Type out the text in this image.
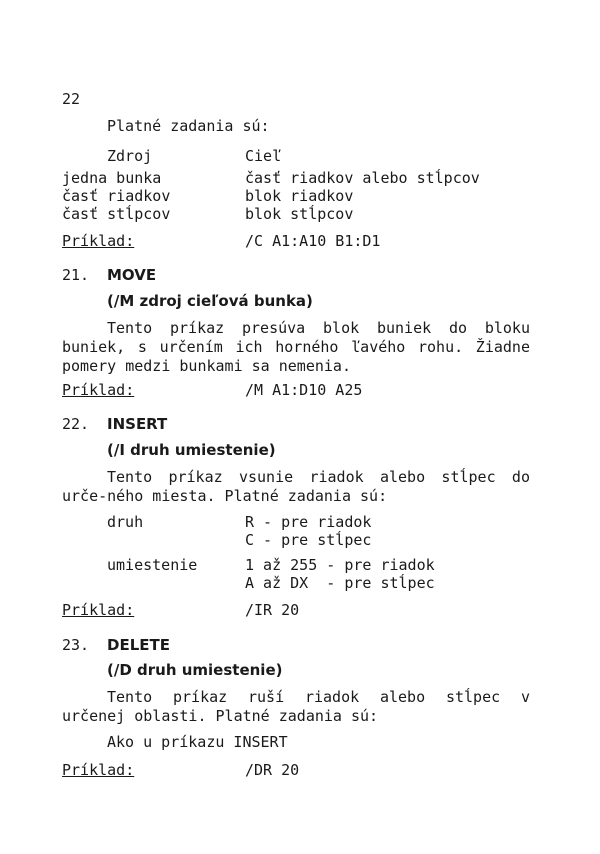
22
Platné zadania sú:
Zdroj	Cieľ
jedna bunka	časť riadkov alebo stĺpcov
časť riadkov	blok riadkov
časť stĺpcov	blok stĺpcov
Príklad:	/C A1:A10 B1:D1
21. MOVE
(/M zdroj cieľová bunka)
Tento príkaz presúva blok buniek do bloku buniek, s určením ich horného ľavého rohu. Žiadne pomery medzi bunkami sa nemenia.
Príklad:	/M A1:D10 A25
22. INSERT
(/I druh umiestenie)
Tento príkaz vsunie riadok alebo stĺpec do urče-ného miesta. Platné zadania sú:
druh	R - pre riadok
C - pre stĺpec
umiestenie	1 až 255 - pre riadok
A až DX  - pre stĺpec
Príklad:	/IR 20
23. DELETE
(/D druh umiestenie)
Tento príkaz ruší riadok alebo stĺpec v určenej oblasti. Platné zadania sú:
Ako u príkazu INSERT
Príklad:	/DR 20
